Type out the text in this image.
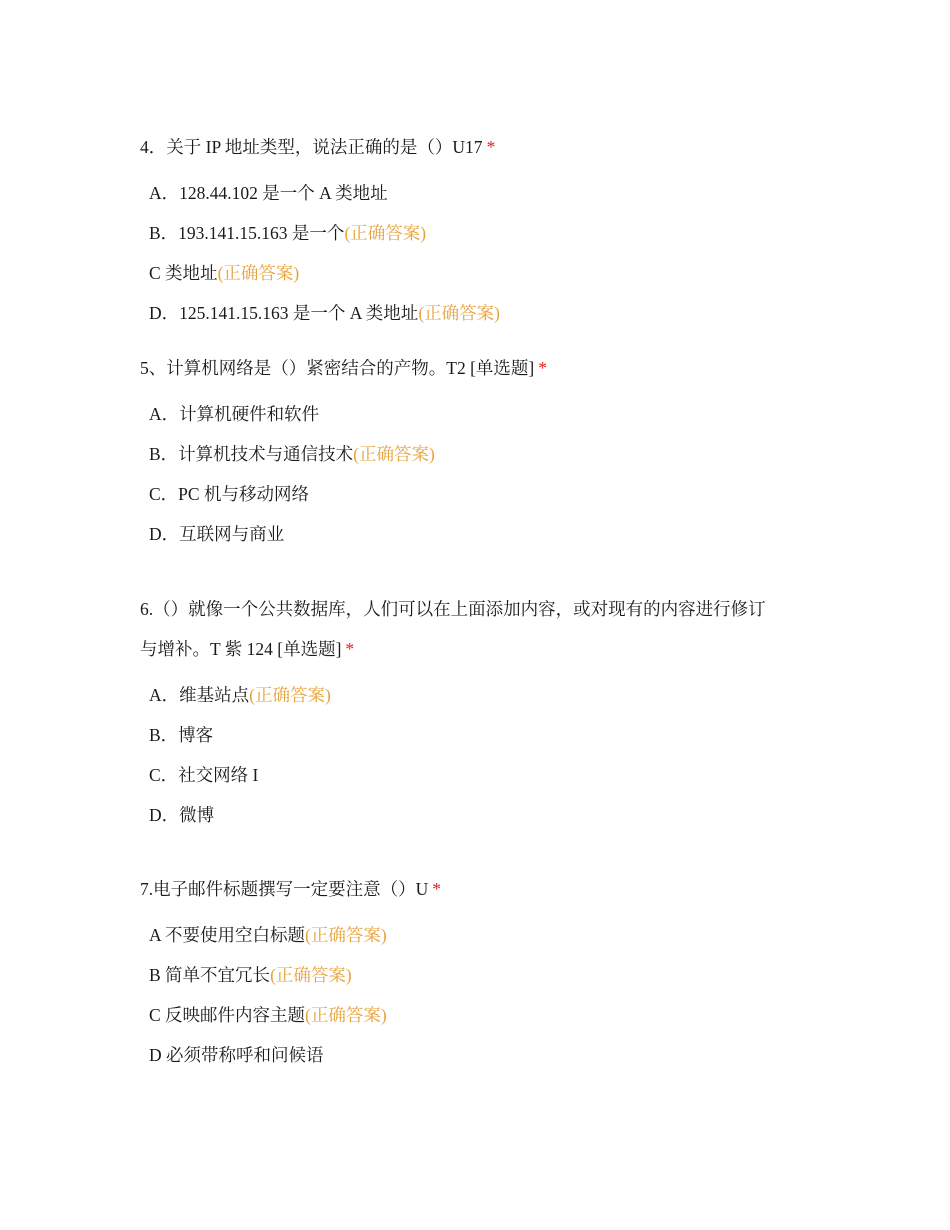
4．关于 IP 地址类型，说法正确的是（）U17 *

A．128.44.102 是一个 A 类地址
B．193.141.15.163 是一个(正确答案)
C 类地址(正确答案)
D．125.141.15.163 是一个 A 类地址(正确答案)

5、计算机网络是（）紧密结合的产物。T2 [单选题] *

A．计算机硬件和软件
B．计算机技术与通信技术(正确答案)
C．PC 机与移动网络
D．互联网与商业

6.（）就像一个公共数据库，人们可以在上面添加内容，或对现有的内容进行修订
与增补。T 紫 124 [单选题] *

A．维基站点(正确答案)
B．博客
C．社交网络 I
D．微博

7.电子邮件标题撰写一定要注意（）U *

A 不要使用空白标题(正确答案)
B 简单不宜冗长(正确答案)
C 反映邮件内容主题(正确答案)
D 必须带称呼和问候语
